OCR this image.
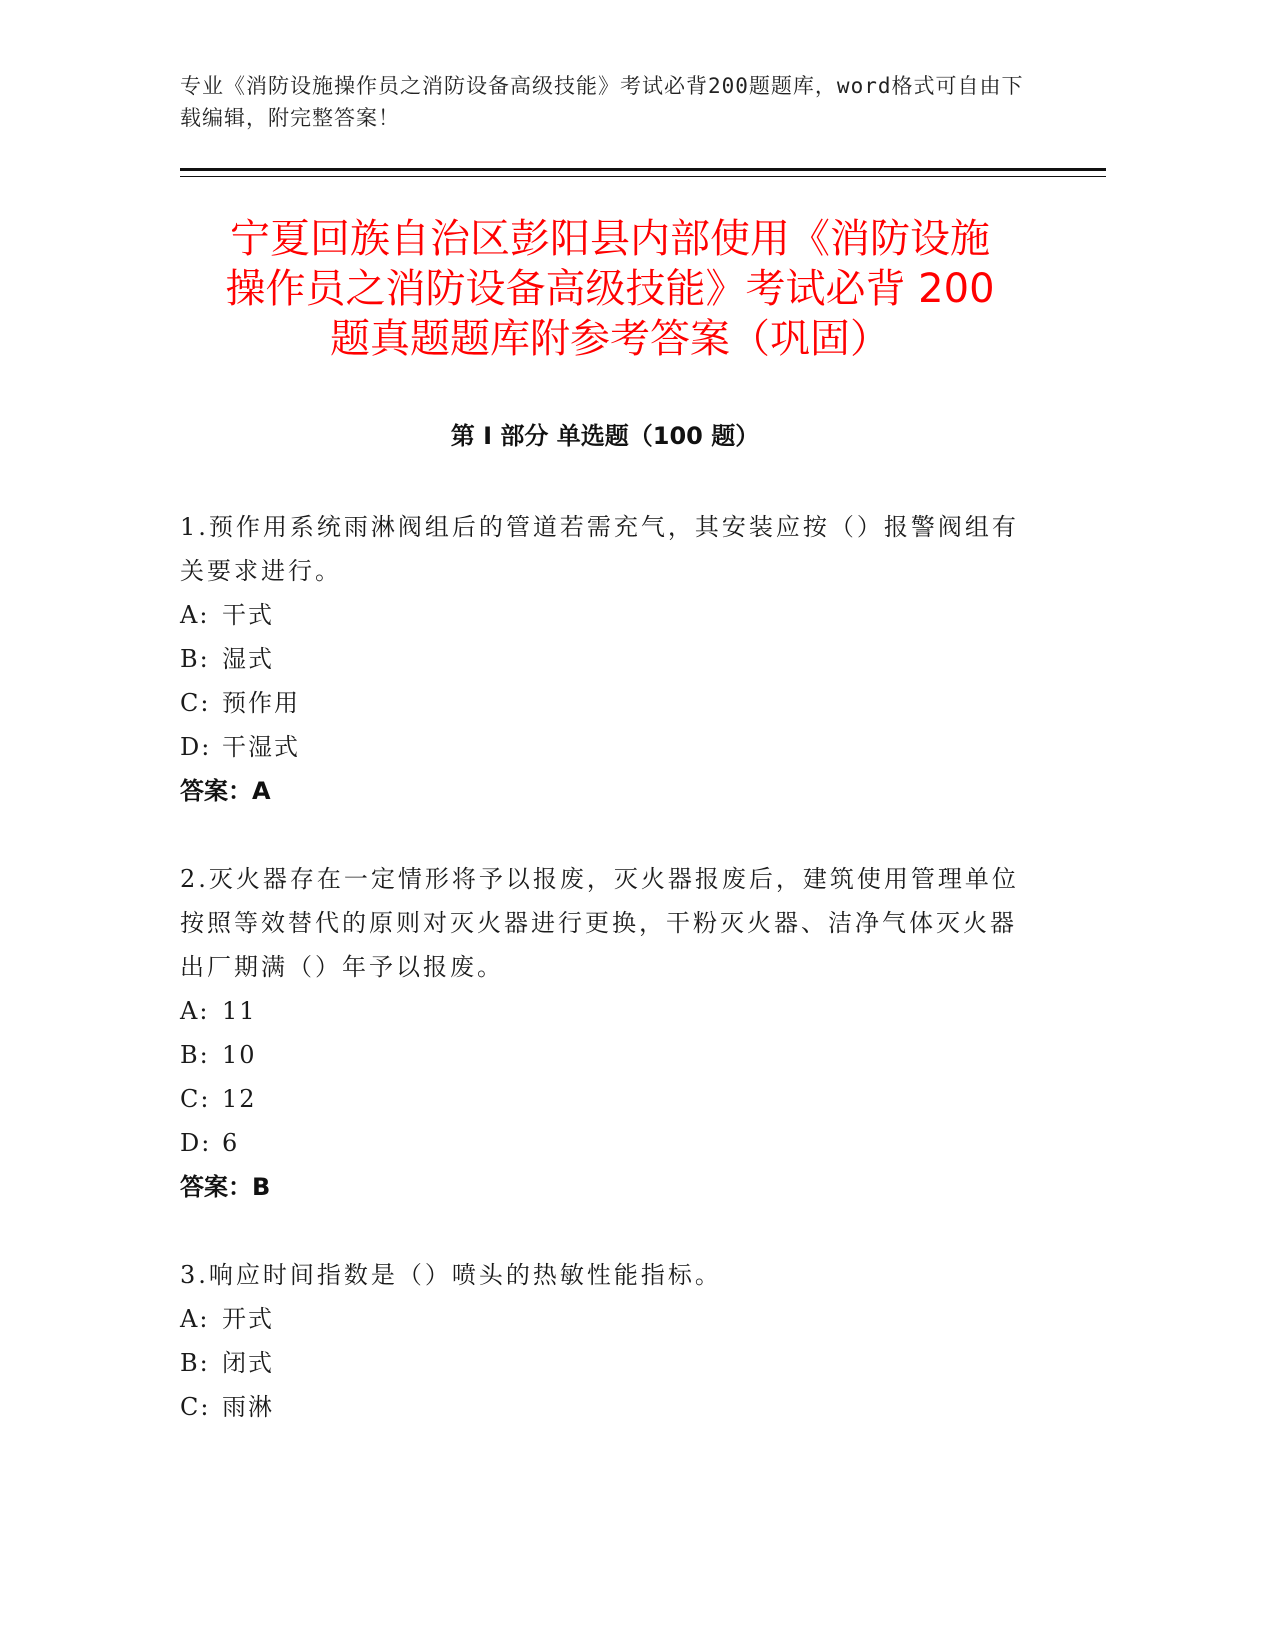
专业《消防设施操作员之消防设备高级技能》考试必背200题题库，word格式可自由下载编辑，附完整答案！
宁夏回族自治区彭阳县内部使用《消防设施
操作员之消防设备高级技能》考试必背 200
题真题题库附参考答案（巩固）
第 I 部分 单选题（100 题）
1.预作用系统雨淋阀组后的管道若需充气，其安装应按（）报警阀组有关要求进行。
A: 干式
B: 湿式
C: 预作用
D: 干湿式
答案：A
2.灭火器存在一定情形将予以报废，灭火器报废后，建筑使用管理单位按照等效替代的原则对灭火器进行更换，干粉灭火器、洁净气体灭火器出厂期满（）年予以报废。
A: 11
B: 10
C: 12
D: 6
答案：B
3.响应时间指数是（）喷头的热敏性能指标。
A: 开式
B: 闭式
C: 雨淋
